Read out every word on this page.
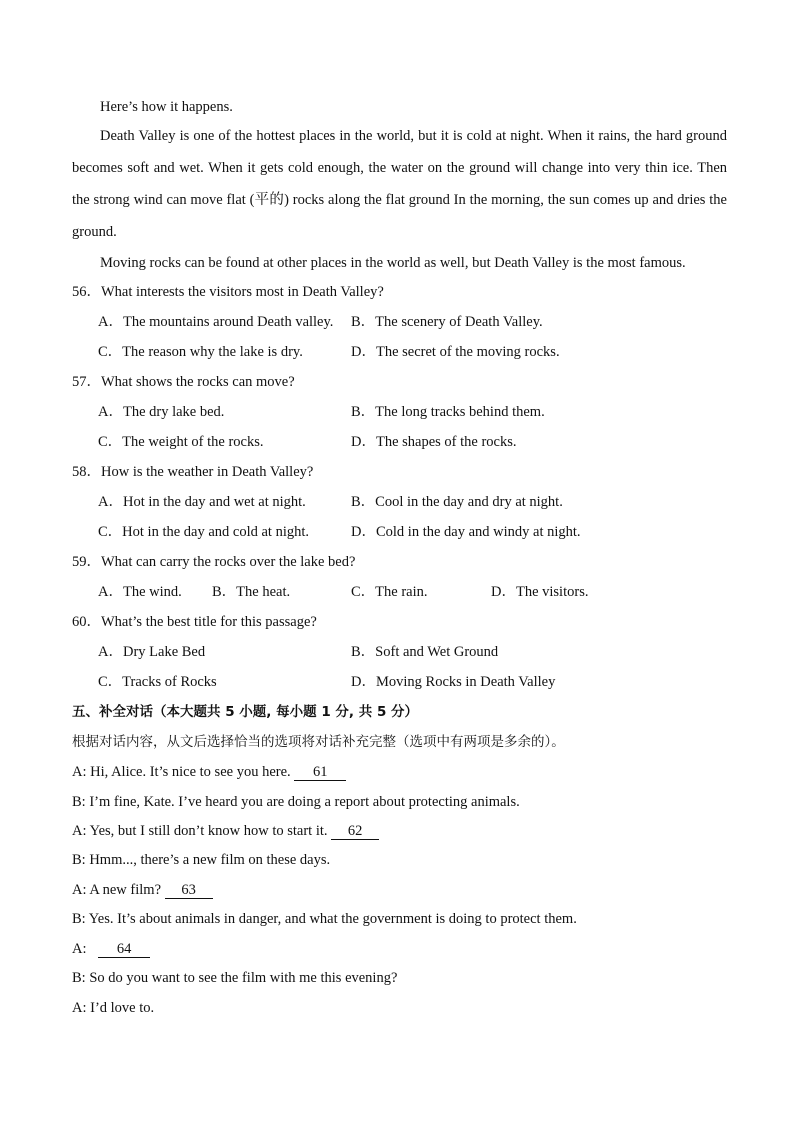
Here’s how it happens.
Death Valley is one of the hottest places in the world, but it is cold at night. When it rains, the hard ground becomes soft and wet. When it gets cold enough, the water on the ground will change into very thin ice. Then the strong wind can move flat (平的) rocks along the flat ground In the morning, the sun comes up and dries the ground.
Moving rocks can be found at other places in the world as well, but Death Valley is the most famous.
56．What interests the visitors most in Death Valley?
A．The mountains around Death valley. B．The scenery of Death Valley.
C．The reason why the lake is dry.	D．The secret of the moving rocks.
57．What shows the rocks can move?
A．The dry lake bed.	B．The long tracks behind them.
C．The weight of the rocks.	D．The shapes of the rocks.
58．How is the weather in Death Valley?
A．Hot in the day and wet at night.	B．Cool in the day and dry at night.
C．Hot in the day and cold at night.	D．Cold in the day and windy at night.
59．What can carry the rocks over the lake bed?
A．The wind. B．The heat.	C．The rain.	D．The visitors.
60．What’s the best title for this passage?
A．Dry Lake Bed	B．Soft and Wet Ground
C．Tracks of Rocks	D．Moving Rocks in Death Valley
五、补全对话（本大题共 5 小题, 每小题 1 分, 共 5 分）
根据对话内容，从文后选择恰当的选项将对话补充完整（选项中有两项是多余的）。
A: Hi, Alice. It’s nice to see you here. 61
B: I’m fine, Kate. I’ve heard you are doing a report about protecting animals.
A: Yes, but I still don’t know how to start it. 62
B: Hmm..., there’s a new film on these days.
A: A new film? 63
B: Yes. It’s about animals in danger, and what the government is doing to protect them.
A: 64
B: So do you want to see the film with me this evening?
A: I’d love to.
